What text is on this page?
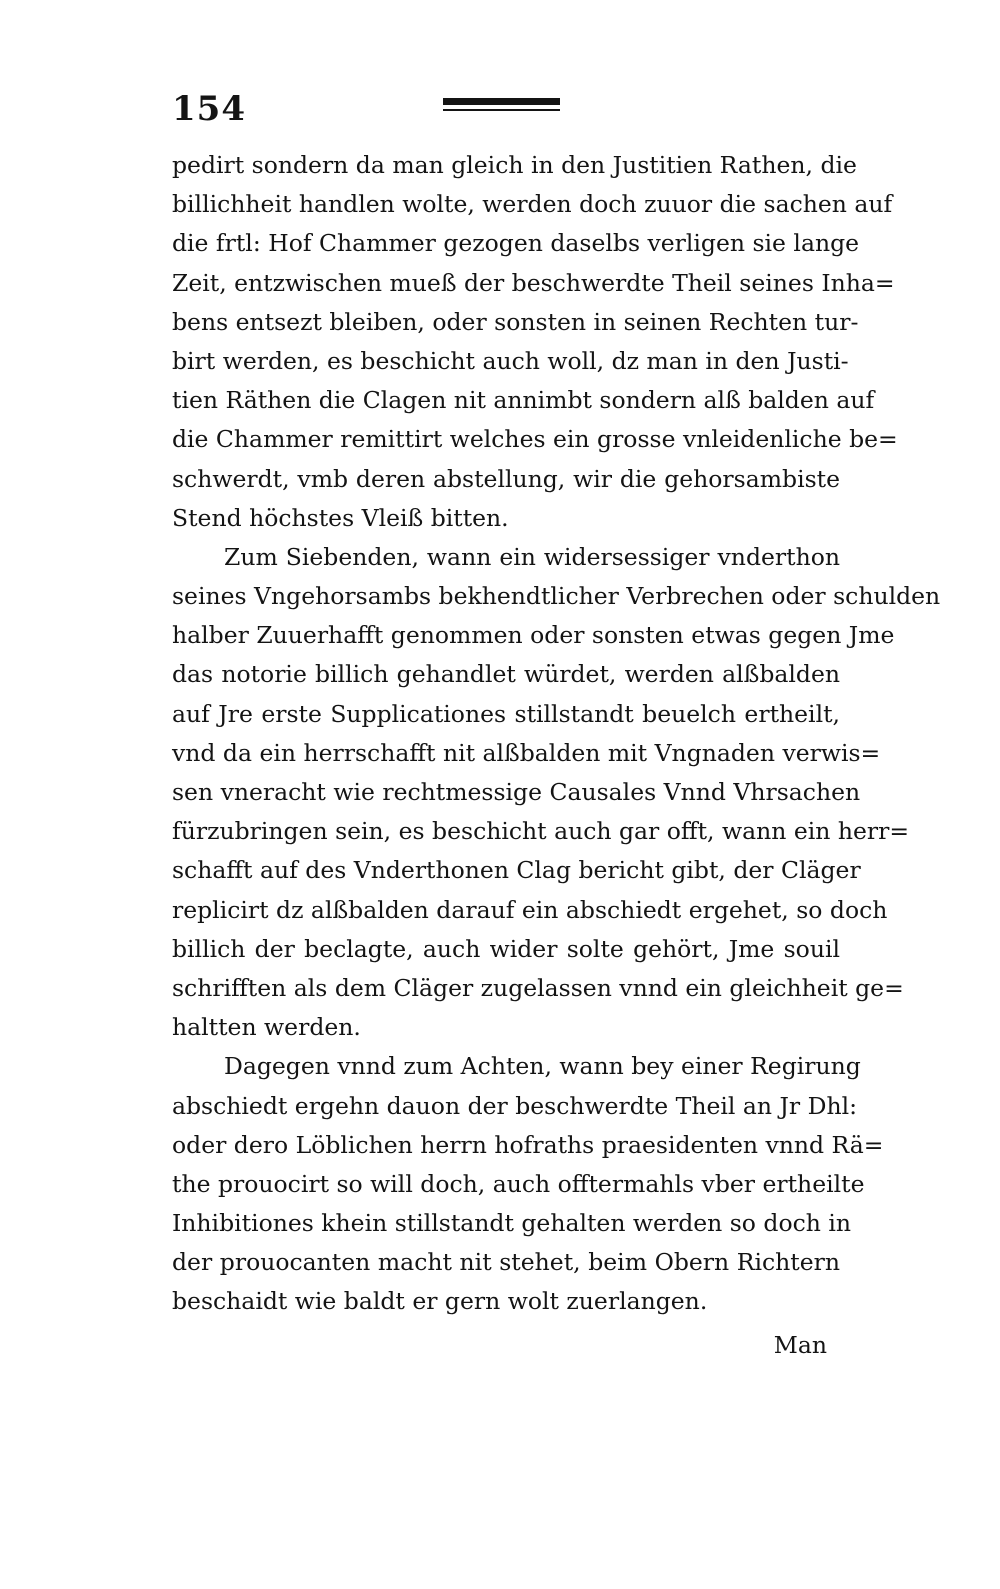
154
pedirt sondern da man gleich in den Justitien Rathen, die
billichheit handlen wolte, werden doch zuuor die sachen auf
die frtl: Hof Chammer gezogen daselbs verligen sie lange
Zeit, entzwischen mueß der beschwerdte Theil seines Inha=
bens entsezt bleiben, oder sonsten in seinen Rechten tur-
birt werden, es beschicht auch woll, dz man in den Justi-
tien Räthen die Clagen nit annimbt sondern alß balden auf
die Chammer remittirt welches ein grosse vnleidenliche be=
schwerdt, vmb deren abstellung, wir die gehorsambiste
Stend höchstes Vleiß bitten.
Zum Siebenden, wann ein widersessiger vnderthon
seines Vngehorsambs bekhendtlicher Verbrechen oder schulden
halber Zuuerhafft genommen oder sonsten etwas gegen Jme
das notorie billich gehandlet würdet, werden alßbalden
auf Jre erste Supplicationes stillstandt beuelch ertheilt,
vnd da ein herrschafft nit alßbalden mit Vngnaden verwis=
sen vneracht wie rechtmessige Causales Vnnd Vhrsachen
fürzubringen sein, es beschicht auch gar offt, wann ein herr=
schafft auf des Vnderthonen Clag bericht gibt, der Cläger
replicirt dz alßbalden darauf ein abschiedt ergehet, so doch
billich der beclagte, auch wider solte gehört, Jme souil
schrifften als dem Cläger zugelassen vnnd ein gleichheit ge=
haltten werden.
Dagegen vnnd zum Achten, wann bey einer Regirung
abschiedt ergehn dauon der beschwerdte Theil an Jr Dhl:
oder dero Löblichen herrn hofraths praesidenten vnnd Rä=
the prouocirt so will doch, auch offtermahls vber ertheilte
Inhibitiones khein stillstandt gehalten werden so doch in
der prouocanten macht nit stehet, beim Obern Richtern
beschaidt wie baldt er gern wolt zuerlangen.
Man
